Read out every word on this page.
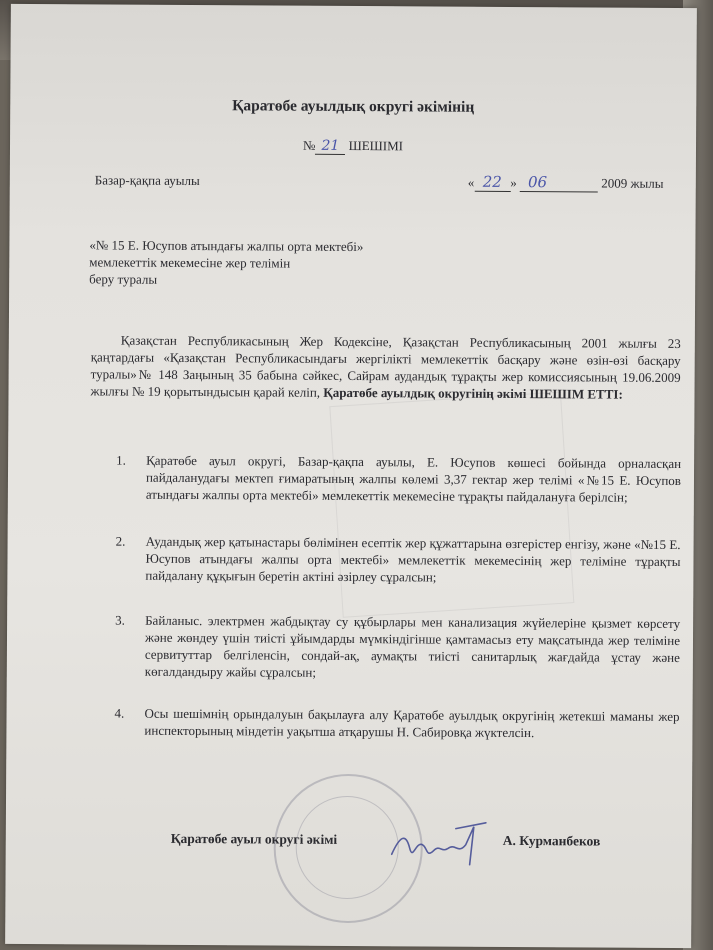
Қаратөбе ауылдық округі әкімінің
№ 21 ШЕШІМІ
Базар-қақпа ауылы	« 22 » 06	2009 жылы
«№ 15 Е. Юсупов атындағы жалпы орта мектебі»
мемлекеттік мекемесіне жер телімін
беру туралы
Қазақстан Республикасының Жер Кодексіне, Қазақстан Республикасының 2001 жылғы 23 қаңтардағы «Қазақстан Республикасындағы жергілікті мемлекеттік басқару және өзін-өзі басқару туралы»№ 148 Заңының 35 бабына сәйкес, Сайрам аудандық тұрақты жер комиссиясының 19.06.2009 жылғы № 19 қорытындысын қарай келіп, Қаратөбе ауылдық округінің әкімі ШЕШІМ ЕТТІ:
1.	Қаратөбе ауыл округі, Базар-қақпа ауылы, Е. Юсупов көшесі бойында орналасқан пайдаланудағы мектеп ғимаратының жалпы көлемі 3,37 гектар жер телімі «№15 Е. Юсупов атындағы жалпы орта мектебі» мемлекеттік мекемесіне тұрақты пайдалануға берілсін;
2.	Аудандық жер қатынастары бөлімінен есептік жер құжаттарына өзгерістер енгізу, және «№15 Е. Юсупов атындағы жалпы орта мектебі» мемлекеттік мекемесінің жер теліміне тұрақты пайдалану құқығын беретін актіні әзірлеу сұралсын;
3.	Байланыс. электрмен жабдықтау су құбырлары мен канализация жүйелеріне қызмет көрсету және жөндеу үшін тиісті ұйымдарды мүмкіндігінше қамтамасыз ету мақсатында жер теліміне сервитуттар белгіленсін, сондай-ақ, аумақты тиісті санитарлық жағдайда ұстау және көгалдандыру жайы сұралсын;
4.	Осы шешімнің орындалуын бақылауға алу Қаратөбе ауылдық округінің жетекші маманы жер инспекторының міндетін уақытша атқарушы Н. Сабировқа жүктелсін.
Қаратөбе ауыл округі әкімі	А. Курманбеков
